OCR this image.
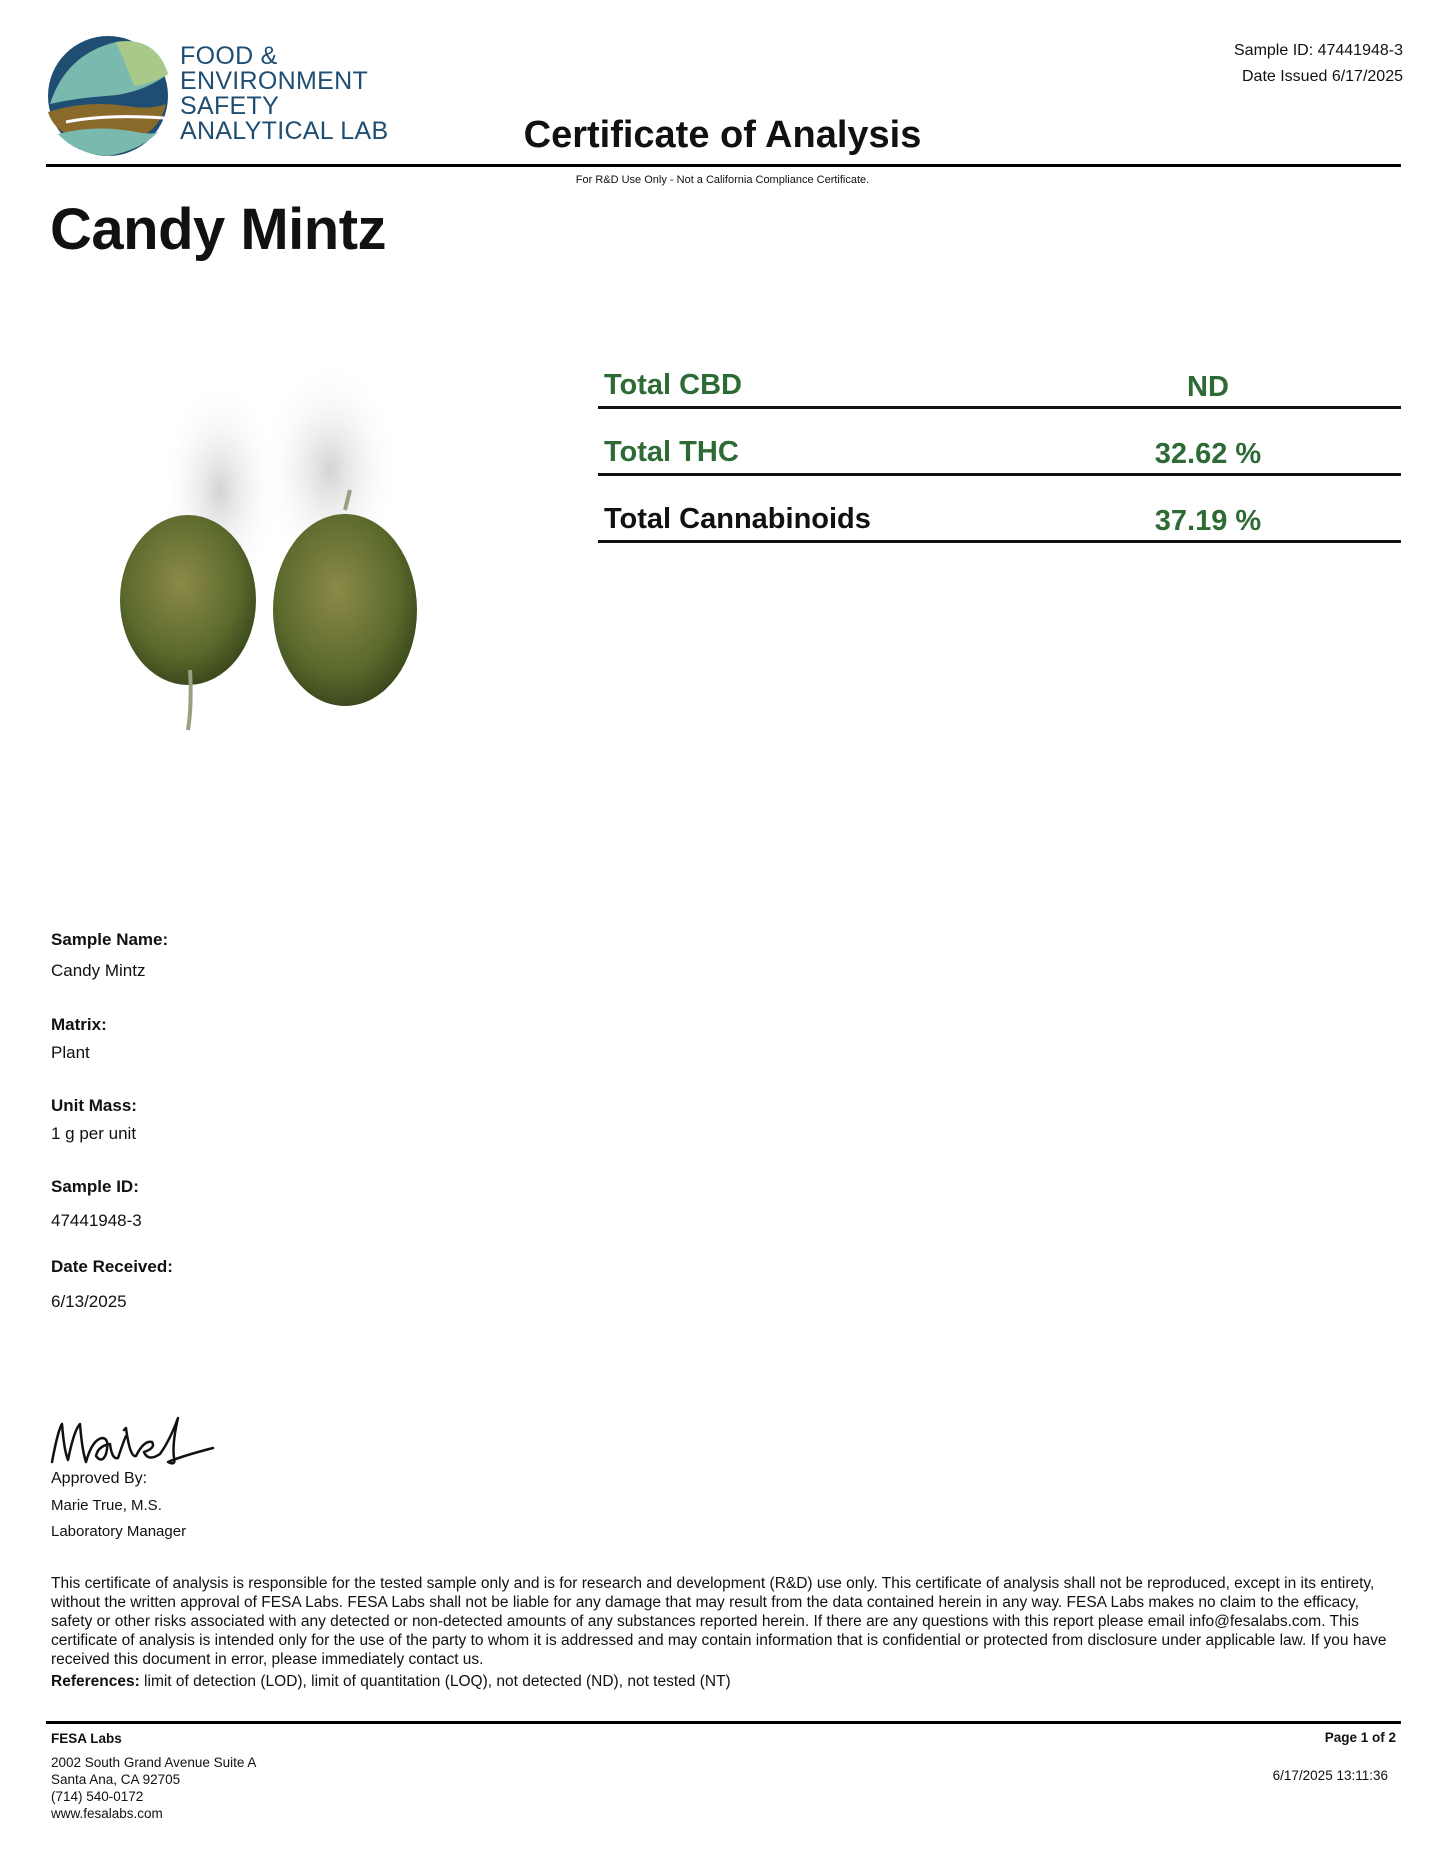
FOOD &
ENVIRONMENT
SAFETY
ANALYTICAL LAB
Sample ID: 47441948-3
Date Issued 6/17/2025
Certificate of Analysis
For R&D Use Only - Not a California Compliance Certificate.
Candy Mintz
Total CBD	ND
Total THC	32.62 %
Total Cannabinoids	37.19 %
Sample Name:
Candy Mintz
Matrix:
Plant
Unit Mass:
1 g per unit
Sample ID:
47441948-3
Date Received:
6/13/2025
Approved By:
Marie True, M.S.
Laboratory Manager
This certificate of analysis is responsible for the tested sample only and is for research and development (R&D) use only. This certificate of analysis shall not be reproduced, except in its entirety, without the written approval of FESA Labs. FESA Labs shall not be liable for any damage that may result from the data contained herein in any way. FESA Labs makes no claim to the efficacy, safety or other risks associated with any detected or non-detected amounts of any substances reported herein. If there are any questions with this report please email info@fesalabs.com. This certificate of analysis is intended only for the use of the party to whom it is addressed and may contain information that is confidential or protected from disclosure under applicable law. If you have received this document in error, please immediately contact us.
References: limit of detection (LOD), limit of quantitation (LOQ), not detected (ND), not tested (NT)
FESA Labs
2002 South Grand Avenue Suite A
Santa Ana, CA 92705
(714) 540-0172
www.fesalabs.com
Page 1 of 2
6/17/2025 13:11:36
